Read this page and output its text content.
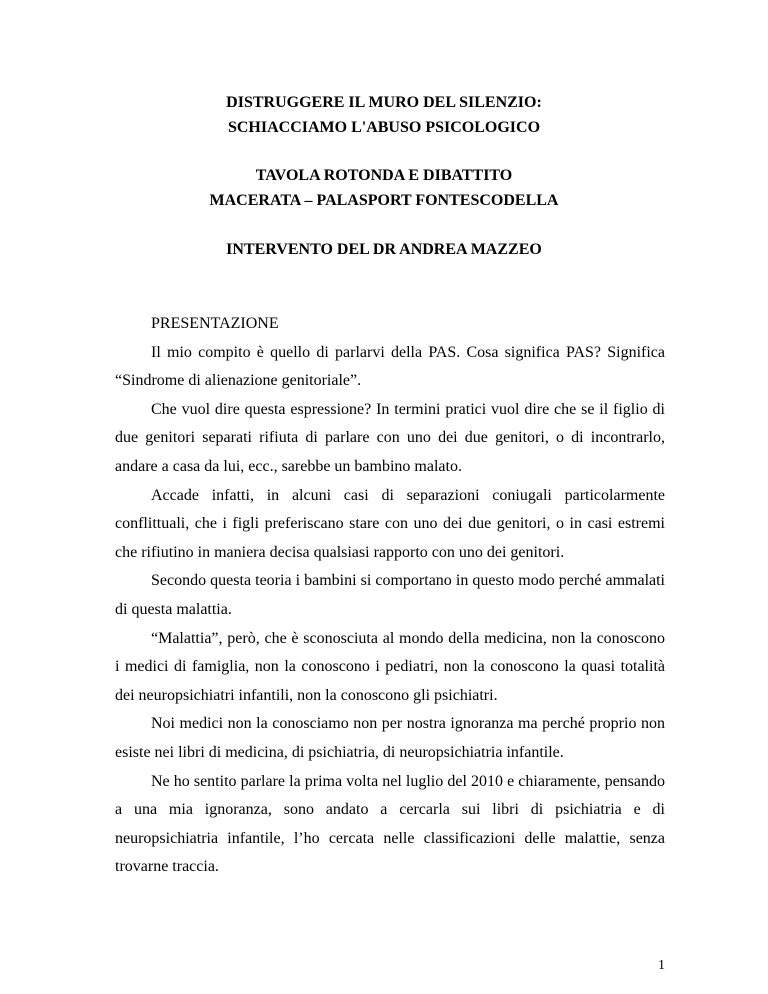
DISTRUGGERE IL MURO DEL SILENZIO:

SCHIACCIAMO L'ABUSO PSICOLOGICO

TAVOLA ROTONDA E DIBATTITO

MACERATA – PALASPORT FONTESCODELLA

INTERVENTO DEL DR ANDREA MAZZEO

PRESENTAZIONE

Il mio compito è quello di parlarvi della PAS. Cosa significa PAS? Significa “Sindrome di alienazione genitoriale”.

Che vuol dire questa espressione? In termini pratici vuol dire che se il figlio di due genitori separati rifiuta di parlare con uno dei due genitori, o di incontrarlo, andare a casa da lui, ecc., sarebbe un bambino malato.

Accade infatti, in alcuni casi di separazioni coniugali particolarmente conflittuali, che i figli preferiscano stare con uno dei due genitori, o in casi estremi che rifiutino in maniera decisa qualsiasi rapporto con uno dei genitori.

Secondo questa teoria i bambini si comportano in questo modo perché ammalati di questa malattia.

“Malattia”, però, che è sconosciuta al mondo della medicina, non la conoscono i medici di famiglia, non la conoscono i pediatri, non la conoscono la quasi totalità dei neuropsichiatri infantili, non la conoscono gli psichiatri.

Noi medici non la conosciamo non per nostra ignoranza ma perché proprio non esiste nei libri di medicina, di psichiatria, di neuropsichiatria infantile.

Ne ho sentito parlare la prima volta nel luglio del 2010 e chiaramente, pensando a una mia ignoranza, sono andato a cercarla sui libri di psichiatria e di neuropsichiatria infantile, l’ho cercata nelle classificazioni delle malattie, senza trovarne traccia.

1
